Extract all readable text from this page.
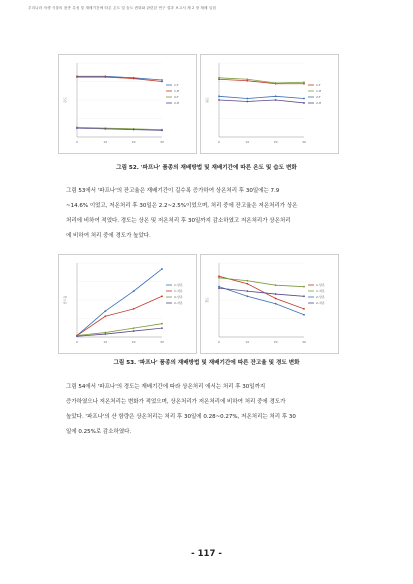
우리나라 자생 식물의 품종 특성 및 재배기간에 따른 온도 및 습도 변화와 관련된 연구 결과 보고서 제 2 장 재배 실험
온도
0	10	20	30
1-T
1-H
2-T
2-H
습도
0	10	20	30
1-T
1-H
2-T
2-H
그림 52. '파프나' 품종의 재배방법 및 재배기간에 따른 온도 및 습도 변화
그림 53에서 '파프나'의 잔고율은 재배기간이 길수록 증가하여 상온처리 후 30일에는 7.9
~14.6% 이었고, 저온처리 후 30일은 2.2~2.5%이었으며, 처리 중에 잔고율은 저온처리가 상온
처리에 비하여 적었다. 경도는 상온 및 저온처리 후 30일까지 감소하였고 저온처리가 상온처리
에 비하여 처리 중에 경도가 높았다.
잔고율
0	10	20	30
1-상온
1-저온
2-상온
2-저온
경도
0	10	20	30
1-상온
1-저온
2-상온
2-저온
그림 53. '파프나' 품종의 재배방법 및 재배기간에 따른 잔고율 및 경도 변화
그림 54에서 '파프나'의 경도는 재배기간에 따라 상온처리 에서는 처리 후 30일까지
증가하였으나 저온처리는 변화가 적었으며, 상온처리가 저온처리에 비하여 처리 중에 경도가
높았다. '파프나'의 산 함량은 상온처리는 처리 후 30일에 0.28~0.27%, 저온처리는 처리 후 30
일에 0.25%로 감소하였다.
- 117 -
